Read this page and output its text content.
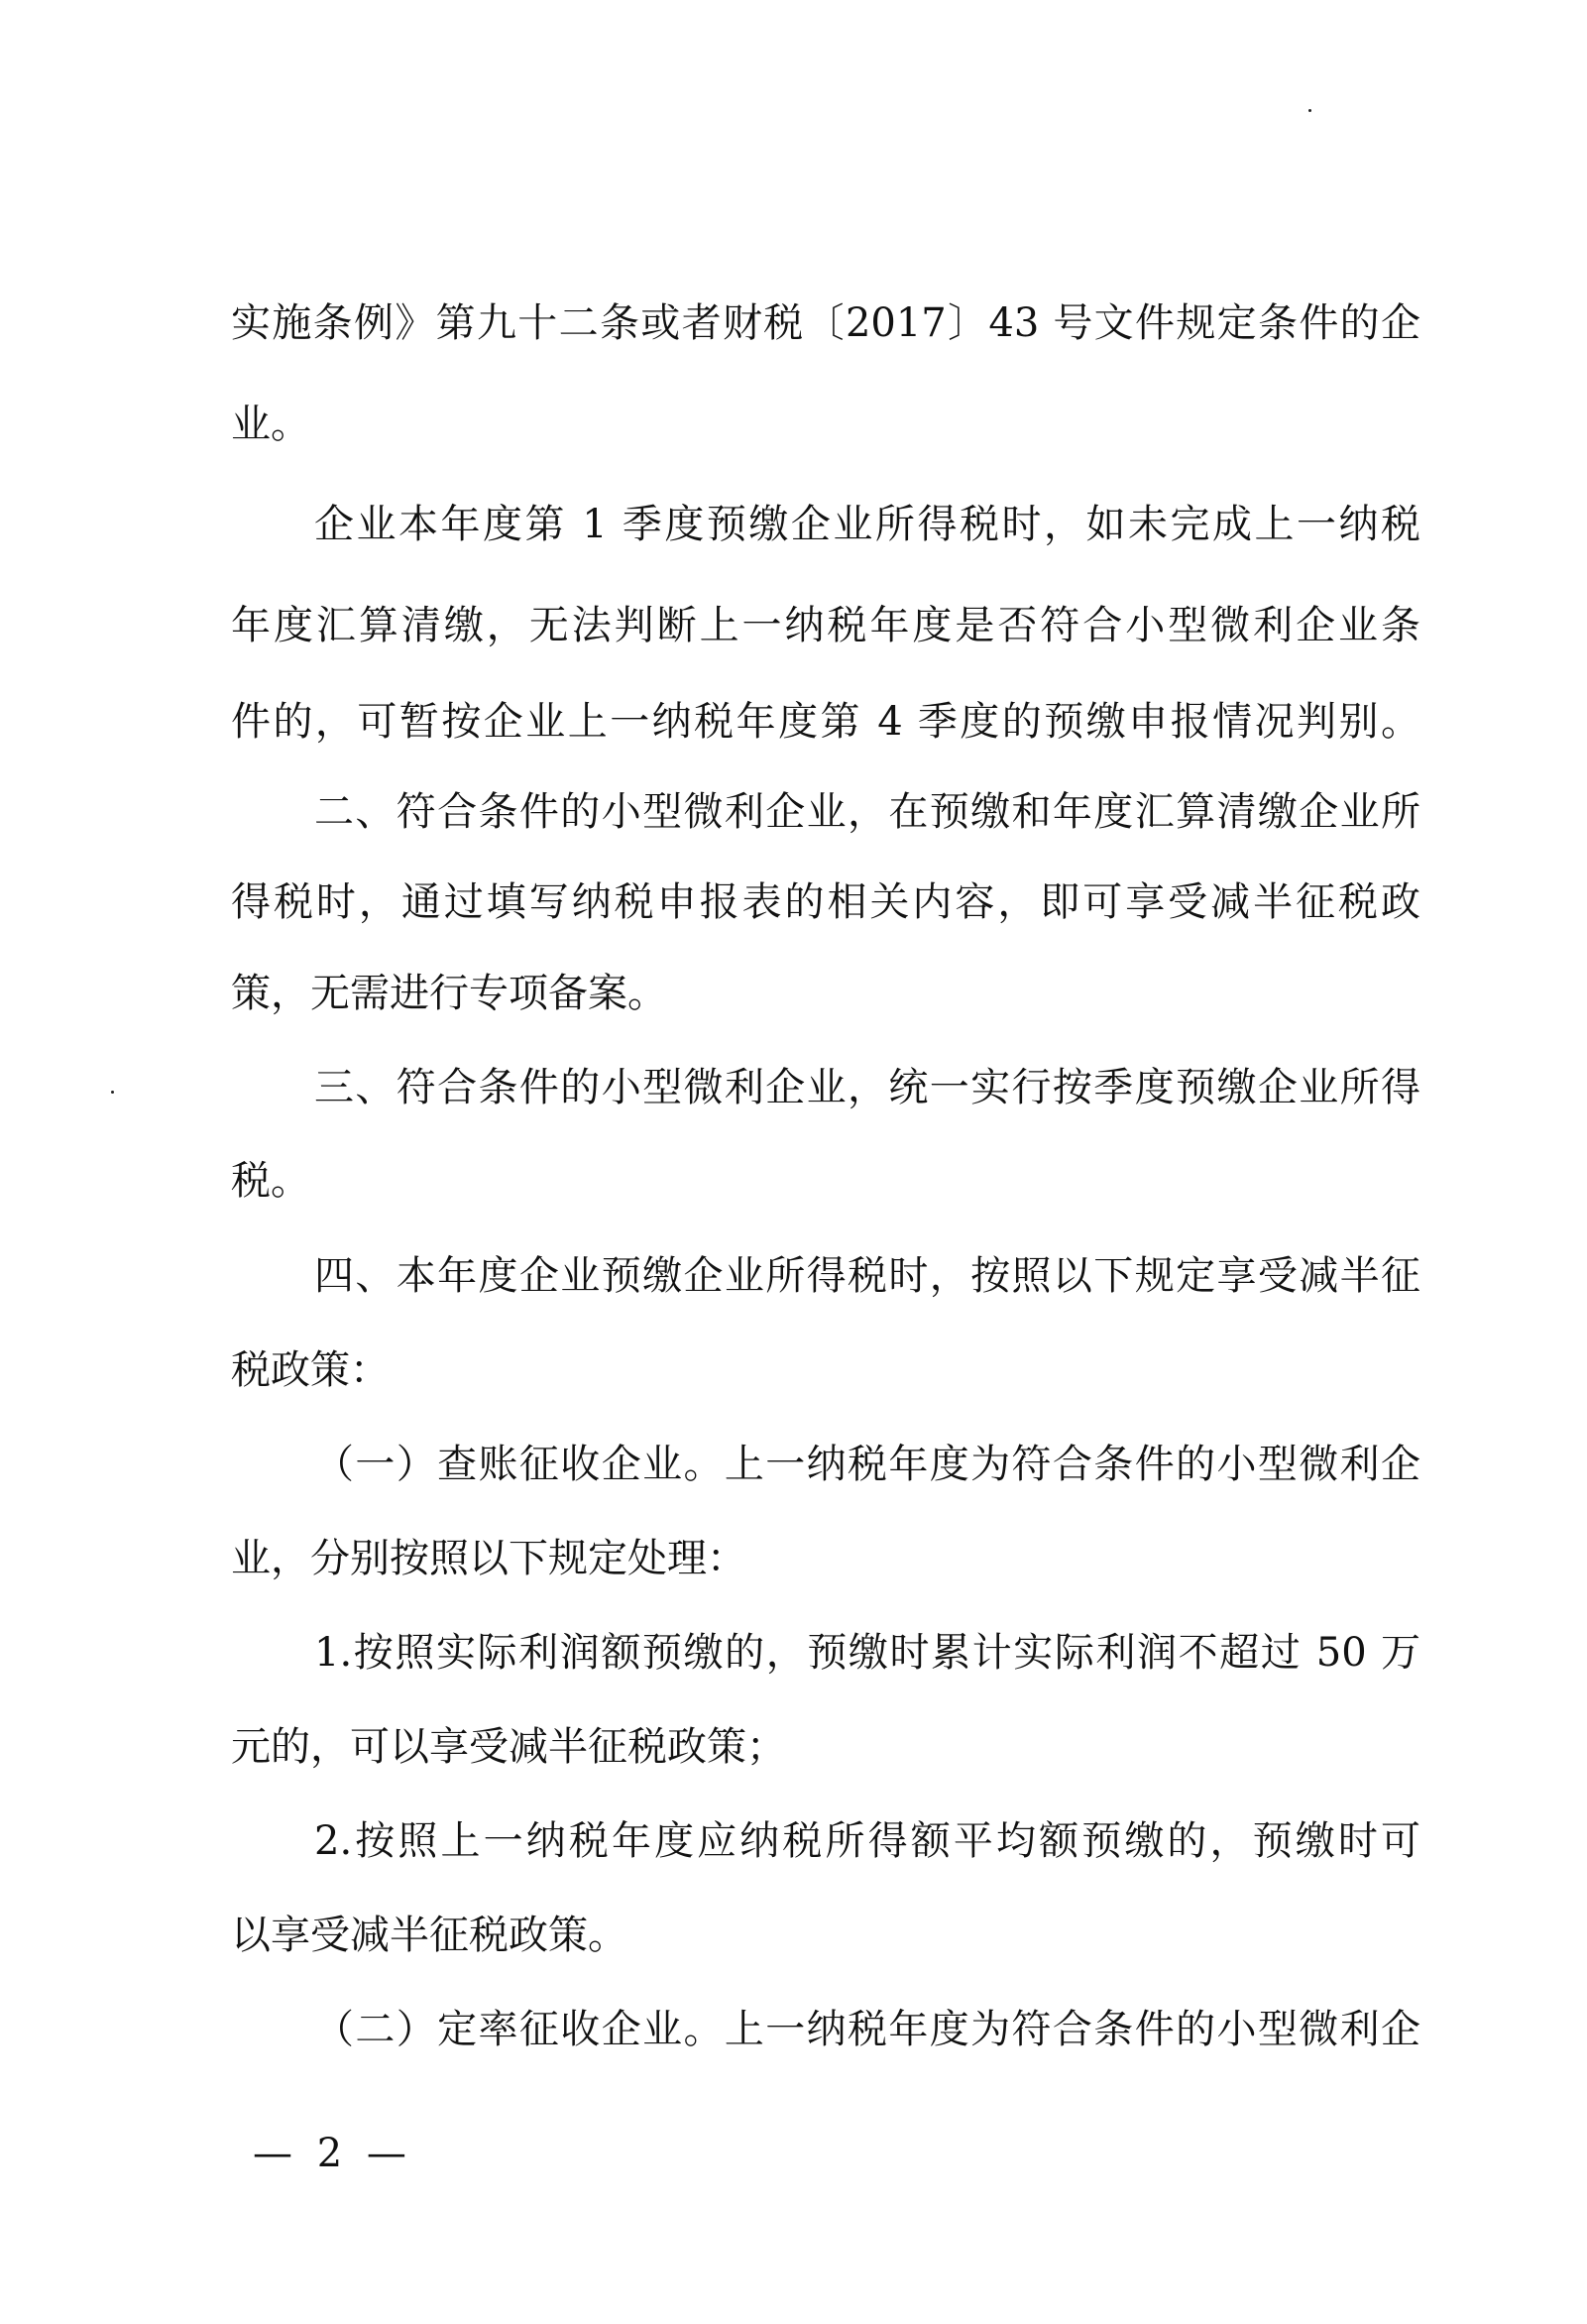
实施条例》第九十二条或者财税〔2017〕43 号文件规定条件的企
业。
企业本年度第 1 季度预缴企业所得税时，如未完成上一纳税
年度汇算清缴，无法判断上一纳税年度是否符合小型微利企业条
件的，可暂按企业上一纳税年度第 4 季度的预缴申报情况判别。
二、符合条件的小型微利企业，在预缴和年度汇算清缴企业所
得税时，通过填写纳税申报表的相关内容，即可享受减半征税政
策，无需进行专项备案。
三、符合条件的小型微利企业，统一实行按季度预缴企业所得
税。
四、本年度企业预缴企业所得税时，按照以下规定享受减半征
税政策：
（一）查账征收企业。上一纳税年度为符合条件的小型微利企
业，分别按照以下规定处理：
1.按照实际利润额预缴的，预缴时累计实际利润不超过 50 万
元的，可以享受减半征税政策；
2.按照上一纳税年度应纳税所得额平均额预缴的，预缴时可
以享受减半征税政策。
（二）定率征收企业。上一纳税年度为符合条件的小型微利企
— 2 —
